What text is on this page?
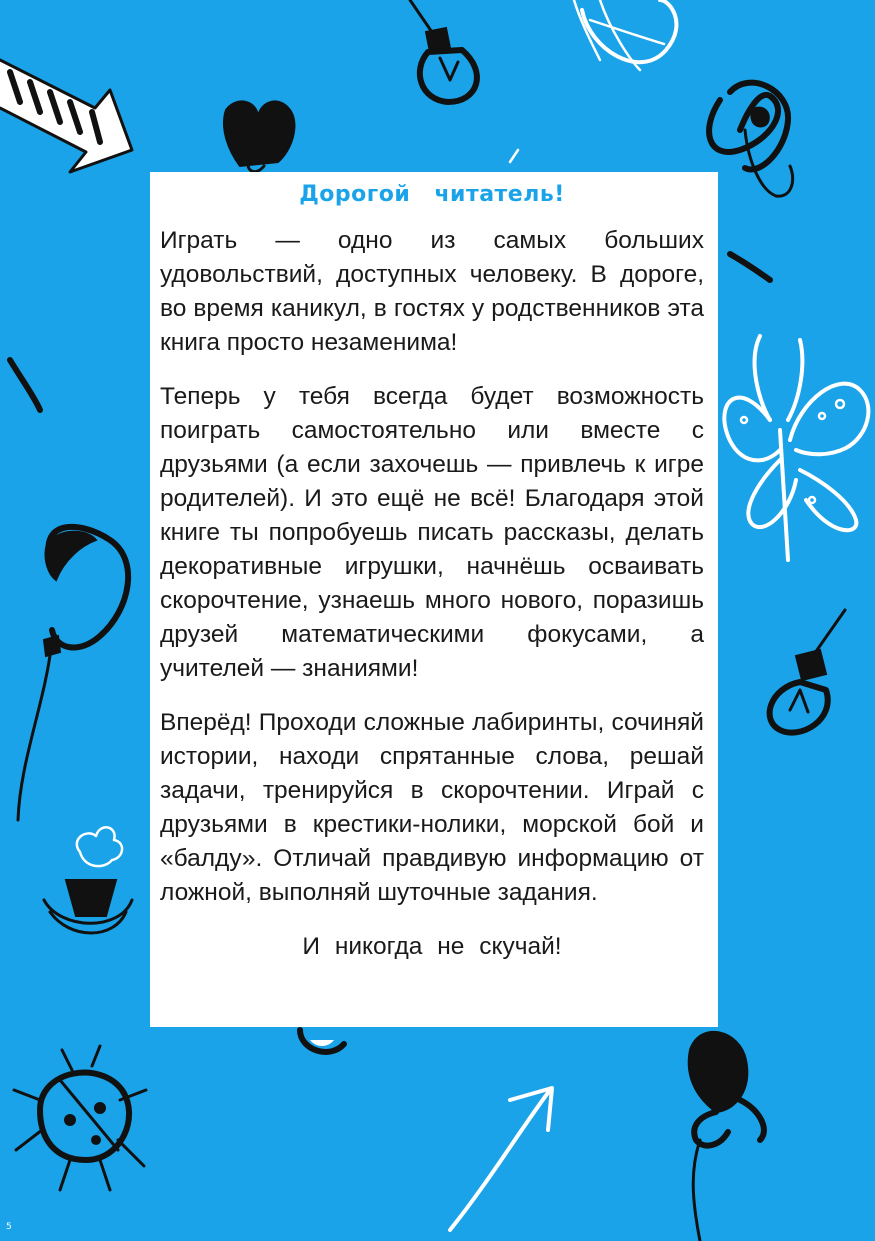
Дорогой читатель!

Играть — одно из самых больших удовольствий, доступных человеку. В дороге, во время каникул, в гостях у родственников эта книга просто незаменима!

Теперь у тебя всегда будет возможность поиграть самостоятельно или вместе с друзьями (а если захочешь — привлечь к игре родителей). И это ещё не всё! Благодаря этой книге ты попробуешь писать рассказы, делать декоративные игрушки, начнёшь осваивать скорочтение, узнаешь много нового, поразишь друзей математическими фокусами, а учителей — знаниями!

Вперёд! Проходи сложные лабиринты, сочиняй истории, находи спрятанные слова, решай задачи, тренируйся в скорочтении. Играй с друзьями в крестики-нолики, морской бой и «балду». Отличай правдивую информацию от ложной, выполняй шуточные задания.

И никогда не скучай!

5
